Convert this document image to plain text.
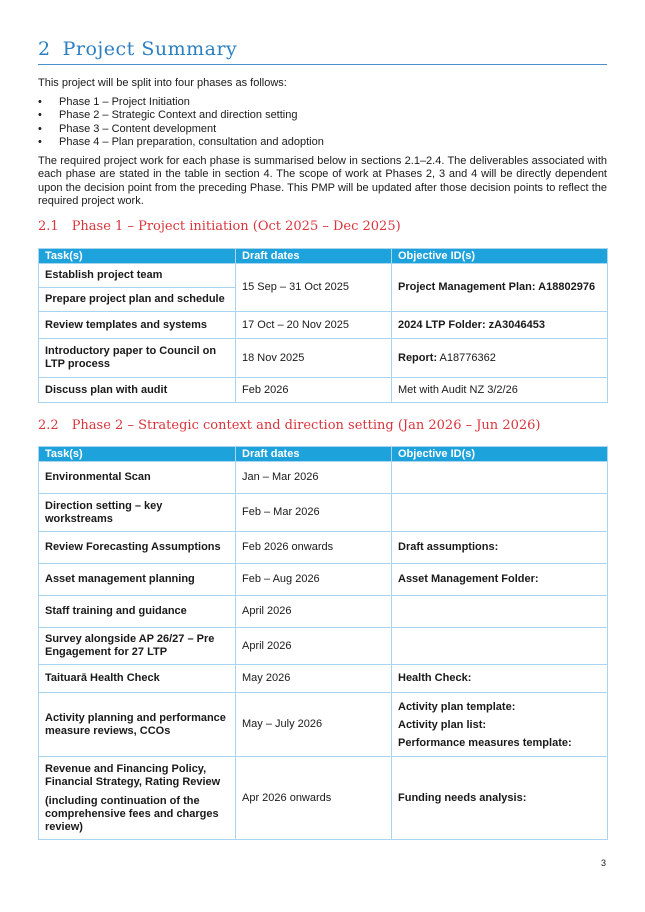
2 Project Summary
This project will be split into four phases as follows:
• Phase 1 – Project Initiation
• Phase 2 – Strategic Context and direction setting
• Phase 3 – Content development
• Phase 4 – Plan preparation, consultation and adoption
The required project work for each phase is summarised below in sections 2.1–2.4. The deliverables associated with each phase are stated in the table in section 4. The scope of work at Phases 2, 3 and 4 will be directly dependent upon the decision point from the preceding Phase. This PMP will be updated after those decision points to reflect the required project work.
2.1 Phase 1 – Project initiation (Oct 2025 – Dec 2025)
Task(s)	Draft dates	Objective ID(s)
Establish project team	15 Sep – 31 Oct 2025	Project Management Plan: A18802976
Prepare project plan and schedule		
Review templates and systems	17 Oct – 20 Nov 2025	2024 LTP Folder: zA3046453
Introductory paper to Council on LTP process	18 Nov 2025	Report: A18776362
Discuss plan with audit	Feb 2026	Met with Audit NZ 3/2/26
2.2 Phase 2 – Strategic context and direction setting (Jan 2026 – Jun 2026)
Task(s)	Draft dates	Objective ID(s)
Environmental Scan	Jan – Mar 2026	
Direction setting – key workstreams	Feb – Mar 2026	
Review Forecasting Assumptions	Feb 2026 onwards	Draft assumptions:
Asset management planning	Feb – Aug 2026	Asset Management Folder:
Staff training and guidance	April 2026	
Survey alongside AP 26/27 – Pre Engagement for 27 LTP	April 2026	
Taituarā Health Check	May 2026	Health Check:
Activity planning and performance measure reviews, CCOs	May – July 2026	Activity plan template:
Activity plan list:
Performance measures template:

Revenue and Financing Policy, Financial Strategy, Rating Review
(including continuation of the comprehensive fees and charges review)	Apr 2026 onwards	Funding needs analysis:
3
